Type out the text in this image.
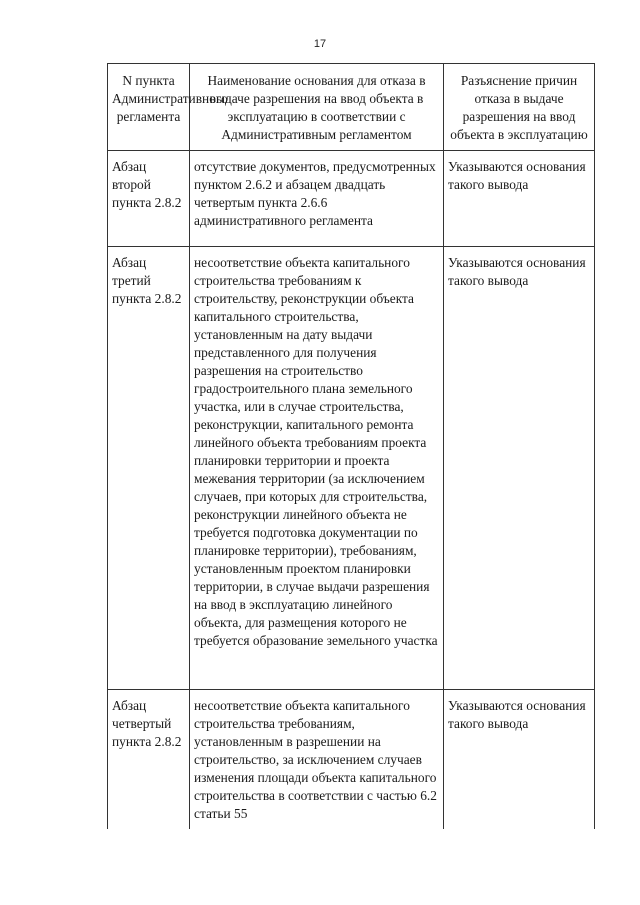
17
N пункта Административного регламента	Наименование основания для отказа в выдаче разрешения на ввод объекта в эксплуатацию в соответствии с Административным регламентом	Разъяснение причин отказа в выдаче разрешения на ввод объекта в эксплуатацию
Абзац второй пункта 2.8.2	отсутствие документов, предусмотренных пунктом 2.6.2 и абзацем двадцать четвертым пункта 2.6.6 административного регламента	Указываются основания такого вывода
Абзац третий пункта 2.8.2	несоответствие объекта капитального строительства требованиям к строительству, реконструкции объекта капитального строительства, установленным на дату выдачи представленного для получения разрешения на строительство градостроительного плана земельного участка, или в случае строительства, реконструкции, капитального ремонта линейного объекта требованиям проекта планировки территории и проекта межевания территории (за исключением случаев, при которых для строительства, реконструкции линейного объекта не требуется подготовка документации по планировке территории), требованиям, установленным проектом планировки территории, в случае выдачи разрешения на ввод в эксплуатацию линейного объекта, для размещения которого не требуется образование земельного участка	Указываются основания такого вывода
Абзац четвертый пункта 2.8.2	несоответствие объекта капитального строительства требованиям, установленным в разрешении на строительство, за исключением случаев изменения площади объекта капитального строительства в соответствии с частью 6.2 статьи 55	Указываются основания такого вывода
